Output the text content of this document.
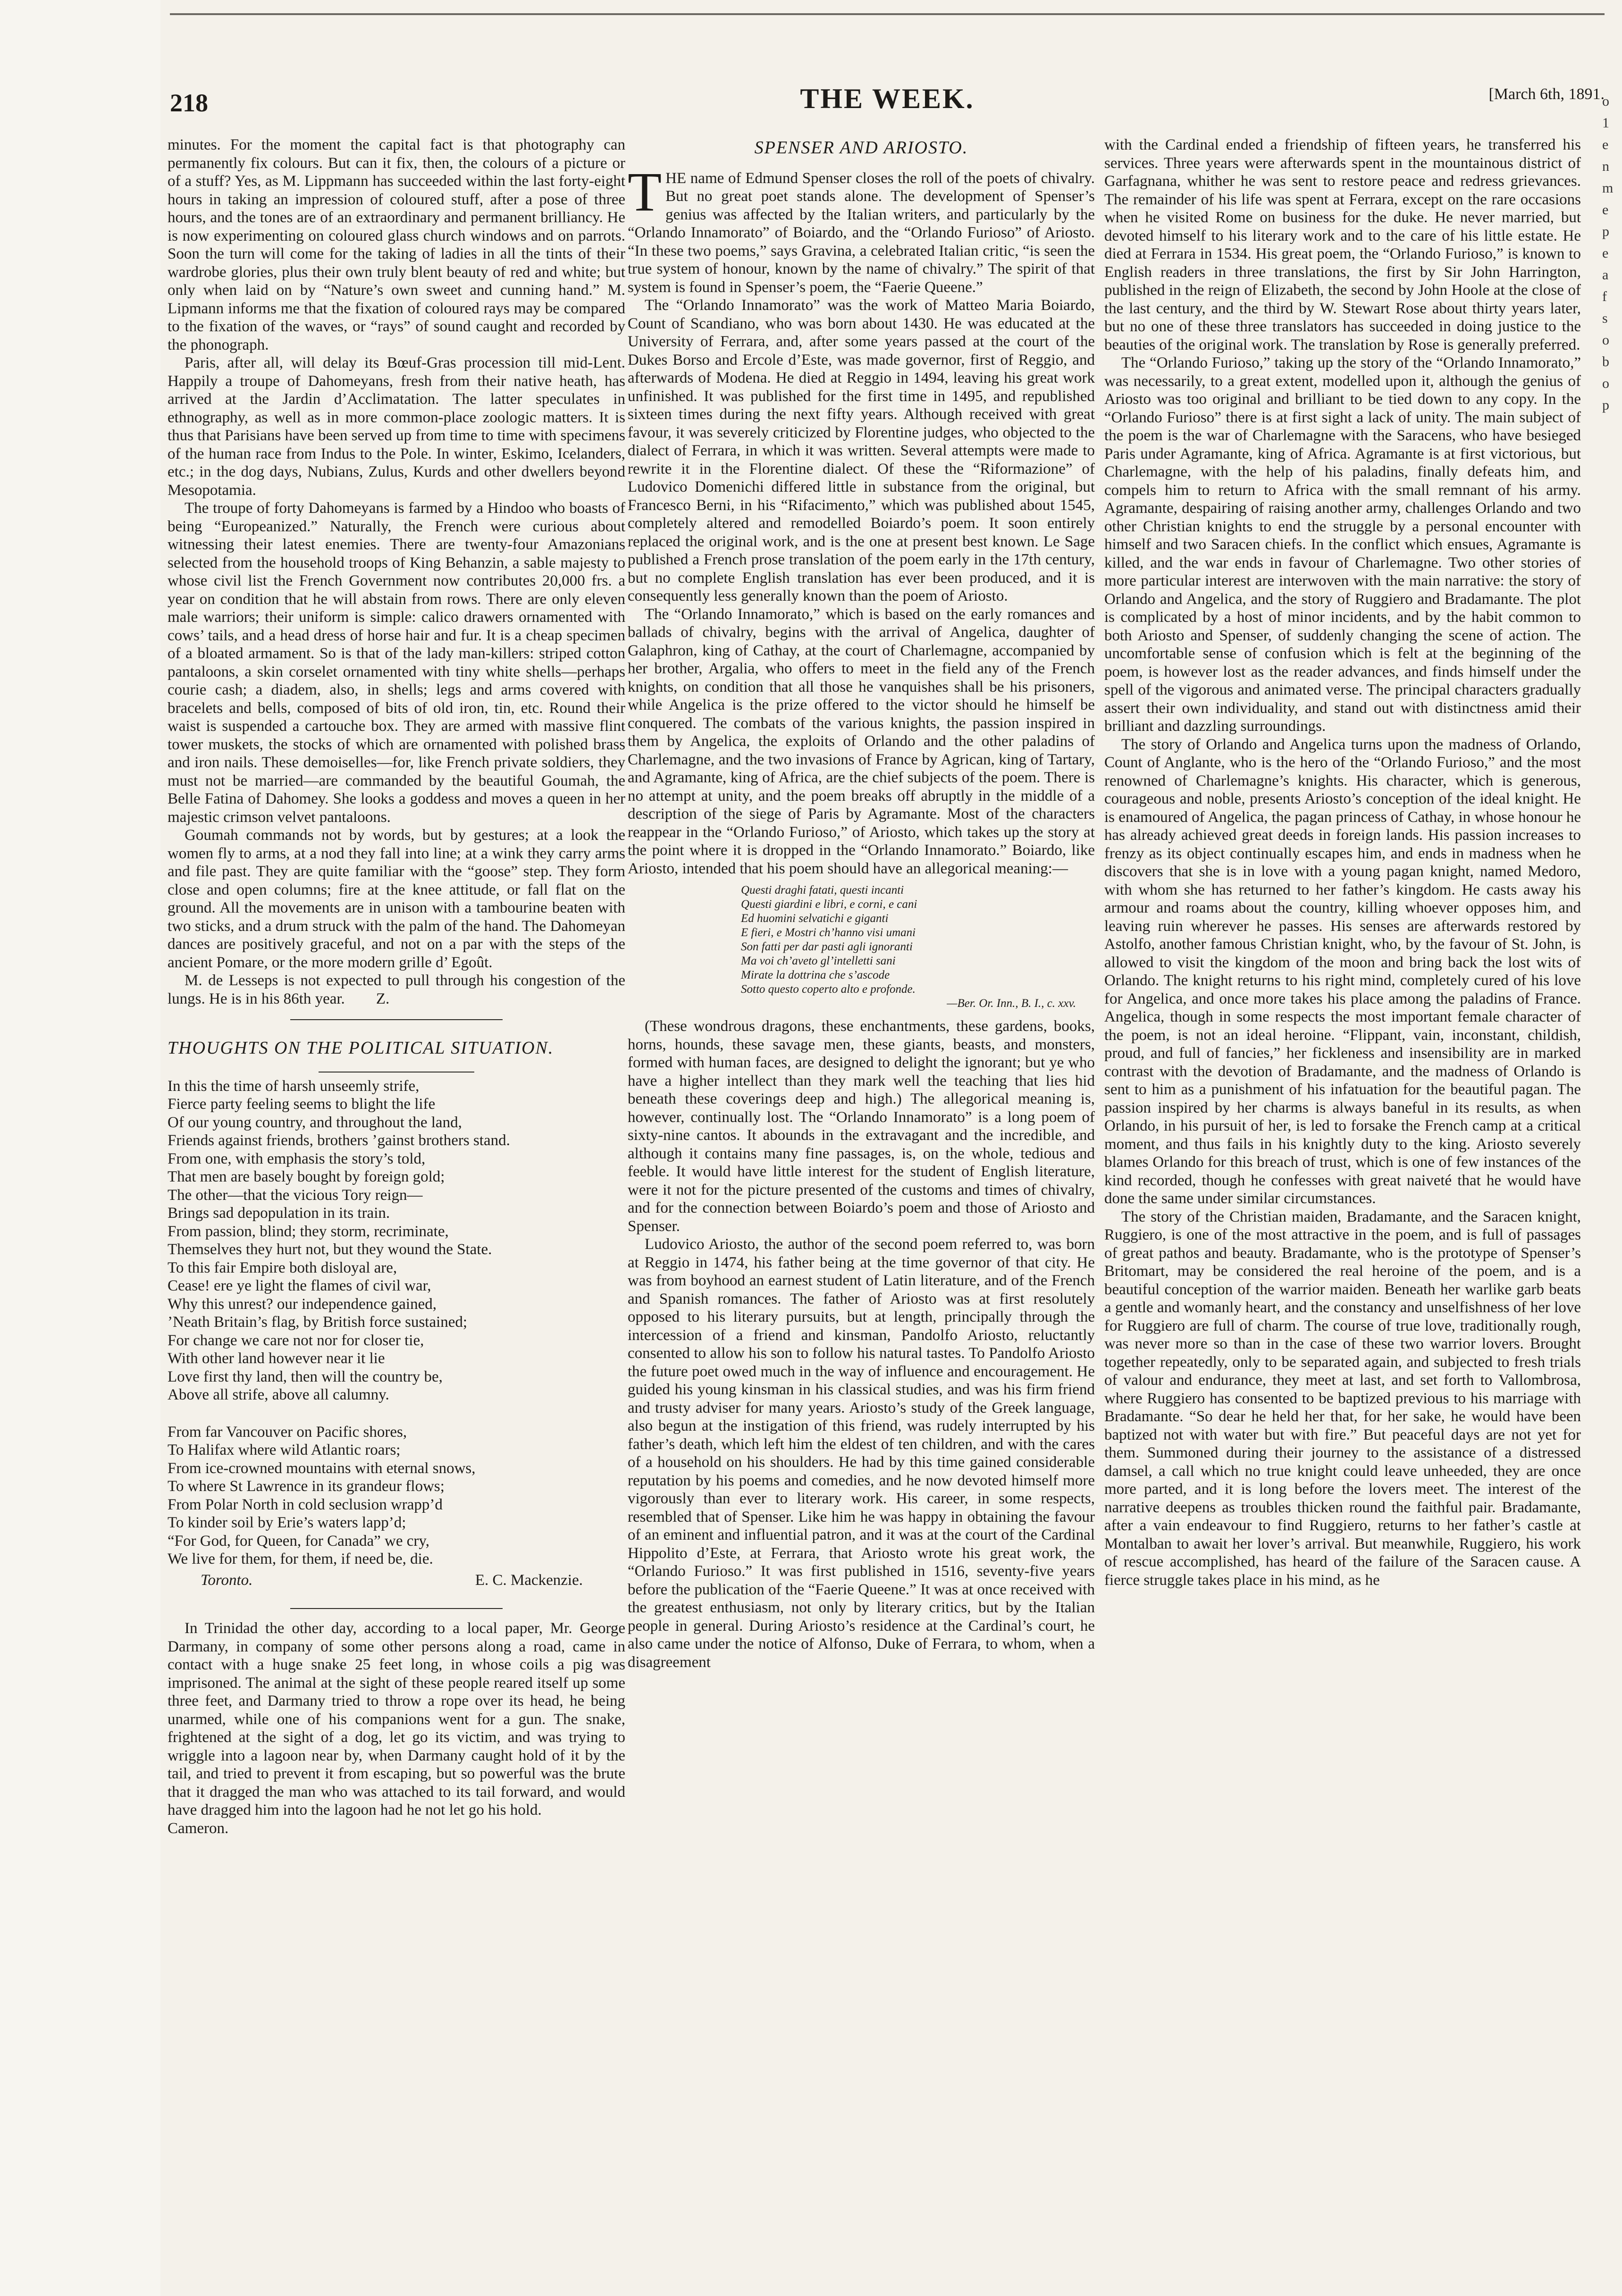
218	THE WEEK.	[March 6th, 1891.

minutes. For the moment the capital fact is that photography can permanently fix colours. But can it fix, then, the colours of a picture or of a stuff? Yes, as M. Lippmann has succeeded within the last forty-eight hours in taking an impression of coloured stuff, after a pose of three hours, and the tones are of an extraordinary and permanent brilliancy. He is now experimenting on coloured glass church windows and on parrots. Soon the turn will come for the taking of ladies in all the tints of their wardrobe glories, plus their own truly blent beauty of red and white; but only when laid on by “Nature’s own sweet and cunning hand.” M. Lipmann informs me that the fixation of coloured rays may be compared to the fixation of the waves, or “rays” of sound caught and recorded by the phonograph.

Paris, after all, will delay its Bœuf-Gras procession till mid-Lent. Happily a troupe of Dahomeyans, fresh from their native heath, has arrived at the Jardin d’Acclimatation. The latter speculates in ethnography, as well as in more common-place zoologic matters. It is thus that Parisians have been served up from time to time with specimens of the human race from Indus to the Pole. In winter, Eskimo, Icelanders, etc.; in the dog days, Nubians, Zulus, Kurds and other dwellers beyond Mesopotamia.

The troupe of forty Dahomeyans is farmed by a Hindoo who boasts of being “Europeanized.” Naturally, the French were curious about witnessing their latest enemies. There are twenty-four Amazonians selected from the household troops of King Behanzin, a sable majesty to whose civil list the French Government now contributes 20,000 frs. a year on condition that he will abstain from rows. There are only eleven male warriors; their uniform is simple: calico drawers ornamented with cows’ tails, and a head dress of horse hair and fur. It is a cheap specimen of a bloated armament. So is that of the lady man-killers: striped cotton pantaloons, a skin corselet ornamented with tiny white shells—perhaps courie cash; a diadem, also, in shells; legs and arms covered with bracelets and bells, composed of bits of old iron, tin, etc. Round their waist is suspended a cartouche box. They are armed with massive flint tower muskets, the stocks of which are ornamented with polished brass and iron nails. These demoiselles—for, like French private soldiers, they must not be married—are commanded by the beautiful Goumah, the Belle Fatina of Dahomey. She looks a goddess and moves a queen in her majestic crimson velvet pantaloons.

Goumah commands not by words, but by gestures; at a look the women fly to arms, at a nod they fall into line; at a wink they carry arms and file past. They are quite familiar with the “goose” step. They form close and open columns; fire at the knee attitude, or fall flat on the ground. All the movements are in unison with a tambourine beaten with two sticks, and a drum struck with the palm of the hand. The Dahomeyan dances are positively graceful, and not on a par with the steps of the ancient Pomare, or the more modern grille d’ Egoût.

M. de Lesseps is not expected to pull through his congestion of the lungs. He is in his 86th year. Z.

THOUGHTS ON THE POLITICAL SITUATION.
In this the time of harsh unseemly strife,
Fierce party feeling seems to blight the life
Of our young country, and throughout the land,
Friends against friends, brothers ’gainst brothers stand.
From one, with emphasis the story’s told,
That men are basely bought by foreign gold;
The other—that the vicious Tory reign—
Brings sad depopulation in its train.
From passion, blind; they storm, recriminate,
Themselves they hurt not, but they wound the State.
To this fair Empire both disloyal are,
Cease! ere ye light the flames of civil war,
Why this unrest? our independence gained,
’Neath Britain’s flag, by British force sustained;
For change we care not nor for closer tie,
With other land however near it lie
Love first thy land, then will the country be,
Above all strife, above all calumny.
From far Vancouver on Pacific shores,
To Halifax where wild Atlantic roars;
From ice-crowned mountains with eternal snows,
To where St Lawrence in its grandeur flows;
From Polar North in cold seclusion wrapp’d
To kinder soil by Erie’s waters lapp’d;
“For God, for Queen, for Canada” we cry,
We live for them, for them, if need be, die.
Toronto.	E. C. Mackenzie.

In Trinidad the other day, according to a local paper, Mr. George Darmany, in company of some other persons along a road, came in contact with a huge snake 25 feet long, in whose coils a pig was imprisoned. The animal at the sight of these people reared itself up some three feet, and Darmany tried to throw a rope over its head, he being unarmed, while one of his companions went for a gun. The snake, frightened at the sight of a dog, let go its victim, and was trying to wriggle into a lagoon near by, when Darmany caught hold of it by the tail, and tried to prevent it from escaping, but so powerful was the brute that it dragged the man who was attached to its tail forward, and would have dragged him into the lagoon had he not let go his hold.

Cameron.

SPENSER AND ARIOSTO.

THE name of Edmund Spenser closes the roll of the poets of chivalry. But no great poet stands alone. The development of Spenser’s genius was affected by the Italian writers, and particularly by the “Orlando Innamorato” of Boiardo, and the “Orlando Furioso” of Ariosto. “In these two poems,” says Gravina, a celebrated Italian critic, “is seen the true system of honour, known by the name of chivalry.” The spirit of that system is found in Spenser’s poem, the “Faerie Queene.”

The “Orlando Innamorato” was the work of Matteo Maria Boiardo, Count of Scandiano, who was born about 1430. He was educated at the University of Ferrara, and, after some years passed at the court of the Dukes Borso and Ercole d’Este, was made governor, first of Reggio, and afterwards of Modena. He died at Reggio in 1494, leaving his great work unfinished. It was published for the first time in 1495, and republished sixteen times during the next fifty years. Although received with great favour, it was severely criticized by Florentine judges, who objected to the dialect of Ferrara, in which it was written. Several attempts were made to rewrite it in the Florentine dialect. Of these the “Riformazione” of Ludovico Domenichi differed little in substance from the original, but Francesco Berni, in his “Rifacimento,” which was published about 1545, completely altered and remodelled Boiardo’s poem. It soon entirely replaced the original work, and is the one at present best known. Le Sage published a French prose translation of the poem early in the 17th century, but no complete English translation has ever been produced, and it is consequently less generally known than the poem of Ariosto.

The “Orlando Innamorato,” which is based on the early romances and ballads of chivalry, begins with the arrival of Angelica, daughter of Galaphron, king of Cathay, at the court of Charlemagne, accompanied by her brother, Argalia, who offers to meet in the field any of the French knights, on condition that all those he vanquishes shall be his prisoners, while Angelica is the prize offered to the victor should he himself be conquered. The combats of the various knights, the passion inspired in them by Angelica, the exploits of Orlando and the other paladins of Charlemagne, and the two invasions of France by Agrican, king of Tartary, and Agramante, king of Africa, are the chief subjects of the poem. There is no attempt at unity, and the poem breaks off abruptly in the middle of a description of the siege of Paris by Agramante. Most of the characters reappear in the “Orlando Furioso,” of Ariosto, which takes up the story at the point where it is dropped in the “Orlando Innamorato.” Boiardo, like Ariosto, intended that his poem should have an allegorical meaning:—

Questi draghi fatati, questi incanti
Questi giardini e libri, e corni, e cani
Ed huomini selvatichi e giganti
E fieri, e Mostri ch’hanno visi umani
Son fatti per dar pasti agli ignoranti
Ma voi ch’aveto gl’intelletti sani
Mirate la dottrina che s’ascode
Sotto questo coperto alto e profonde.
—Ber. Or. Inn., B. I., c. xxv.

(These wondrous dragons, these enchantments, these gardens, books, horns, hounds, these savage men, these giants, beasts, and monsters, formed with human faces, are designed to delight the ignorant; but ye who have a higher intellect than they mark well the teaching that lies hid beneath these coverings deep and high.) The allegorical meaning is, however, continually lost. The “Orlando Innamorato” is a long poem of sixty-nine cantos. It abounds in the extravagant and the incredible, and although it contains many fine passages, is, on the whole, tedious and feeble. It would have little interest for the student of English literature, were it not for the picture presented of the customs and times of chivalry, and for the connection between Boiardo’s poem and those of Ariosto and Spenser.

Ludovico Ariosto, the author of the second poem referred to, was born at Reggio in 1474, his father being at the time governor of that city. He was from boyhood an earnest student of Latin literature, and of the French and Spanish romances. The father of Ariosto was at first resolutely opposed to his literary pursuits, but at length, principally through the intercession of a friend and kinsman, Pandolfo Ariosto, reluctantly consented to allow his son to follow his natural tastes. To Pandolfo Ariosto the future poet owed much in the way of influence and encouragement. He guided his young kinsman in his classical studies, and was his firm friend and trusty adviser for many years. Ariosto’s study of the Greek language, also begun at the instigation of this friend, was rudely interrupted by his father’s death, which left him the eldest of ten children, and with the cares of a household on his shoulders. He had by this time gained considerable reputation by his poems and comedies, and he now devoted himself more vigorously than ever to literary work. His career, in some respects, resembled that of Spenser. Like him he was happy in obtaining the favour of an eminent and influential patron, and it was at the court of the Cardinal Hippolito d’Este, at Ferrara, that Ariosto wrote his great work, the “Orlando Furioso.” It was first published in 1516, seventy-five years before the publication of the “Faerie Queene.” It was at once received with the greatest enthusiasm, not only by literary critics, but by the Italian people in general. During Ariosto’s residence at the Cardinal’s court, he also came under the notice of Alfonso, Duke of Ferrara, to whom, when a disagreement

with the Cardinal ended a friendship of fifteen years, he transferred his services. Three years were afterwards spent in the mountainous district of Garfagnana, whither he was sent to restore peace and redress grievances. The remainder of his life was spent at Ferrara, except on the rare occasions when he visited Rome on business for the duke. He never married, but devoted himself to his literary work and to the care of his little estate. He died at Ferrara in 1534. His great poem, the “Orlando Furioso,” is known to English readers in three translations, the first by Sir John Harrington, published in the reign of Elizabeth, the second by John Hoole at the close of the last century, and the third by W. Stewart Rose about thirty years later, but no one of these three translators has succeeded in doing justice to the beauties of the original work. The translation by Rose is generally preferred.

The “Orlando Furioso,” taking up the story of the “Orlando Innamorato,” was necessarily, to a great extent, modelled upon it, although the genius of Ariosto was too original and brilliant to be tied down to any copy. In the “Orlando Furioso” there is at first sight a lack of unity. The main subject of the poem is the war of Charlemagne with the Saracens, who have besieged Paris under Agramante, king of Africa. Agramante is at first victorious, but Charlemagne, with the help of his paladins, finally defeats him, and compels him to return to Africa with the small remnant of his army. Agramante, despairing of raising another army, challenges Orlando and two other Christian knights to end the struggle by a personal encounter with himself and two Saracen chiefs. In the conflict which ensues, Agramante is killed, and the war ends in favour of Charlemagne. Two other stories of more particular interest are interwoven with the main narrative: the story of Orlando and Angelica, and the story of Ruggiero and Bradamante. The plot is complicated by a host of minor incidents, and by the habit common to both Ariosto and Spenser, of suddenly changing the scene of action. The uncomfortable sense of confusion which is felt at the beginning of the poem, is however lost as the reader advances, and finds himself under the spell of the vigorous and animated verse. The principal characters gradually assert their own individuality, and stand out with distinctness amid their brilliant and dazzling surroundings.

The story of Orlando and Angelica turns upon the madness of Orlando, Count of Anglante, who is the hero of the “Orlando Furioso,” and the most renowned of Charlemagne’s knights. His character, which is generous, courageous and noble, presents Ariosto’s conception of the ideal knight. He is enamoured of Angelica, the pagan princess of Cathay, in whose honour he has already achieved great deeds in foreign lands. His passion increases to frenzy as its object continually escapes him, and ends in madness when he discovers that she is in love with a young pagan knight, named Medoro, with whom she has returned to her father’s kingdom. He casts away his armour and roams about the country, killing whoever opposes him, and leaving ruin wherever he passes. His senses are afterwards restored by Astolfo, another famous Christian knight, who, by the favour of St. John, is allowed to visit the kingdom of the moon and bring back the lost wits of Orlando. The knight returns to his right mind, completely cured of his love for Angelica, and once more takes his place among the paladins of France. Angelica, though in some respects the most important female character of the poem, is not an ideal heroine. “Flippant, vain, inconstant, childish, proud, and full of fancies,” her fickleness and insensibility are in marked contrast with the devotion of Bradamante, and the madness of Orlando is sent to him as a punishment of his infatuation for the beautiful pagan. The passion inspired by her charms is always baneful in its results, as when Orlando, in his pursuit of her, is led to forsake the French camp at a critical moment, and thus fails in his knightly duty to the king. Ariosto severely blames Orlando for this breach of trust, which is one of few instances of the kind recorded, though he confesses with great naiveté that he would have done the same under similar circumstances.

The story of the Christian maiden, Bradamante, and the Saracen knight, Ruggiero, is one of the most attractive in the poem, and is full of passages of great pathos and beauty. Bradamante, who is the prototype of Spenser’s Britomart, may be considered the real heroine of the poem, and is a beautiful conception of the warrior maiden. Beneath her warlike garb beats a gentle and womanly heart, and the constancy and unselfishness of her love for Ruggiero are full of charm. The course of true love, traditionally rough, was never more so than in the case of these two warrior lovers. Brought together repeatedly, only to be separated again, and subjected to fresh trials of valour and endurance, they meet at last, and set forth to Vallombrosa, where Ruggiero has consented to be baptized previous to his marriage with Bradamante. “So dear he held her that, for her sake, he would have been baptized not with water but with fire.” But peaceful days are not yet for them. Summoned during their journey to the assistance of a distressed damsel, a call which no true knight could leave unheeded, they are once more parted, and it is long before the lovers meet. The interest of the narrative deepens as troubles thicken round the faithful pair. Bradamante, after a vain endeavour to find Ruggiero, returns to her father’s castle at Montalban to await her lover’s arrival. But meanwhile, Ruggiero, his work of rescue accomplished, has heard of the failure of the Saracen cause. A fierce struggle takes place in his mind, as he

o
1
e
n
m
e
p
e
a
f
s
o
b
o
p
